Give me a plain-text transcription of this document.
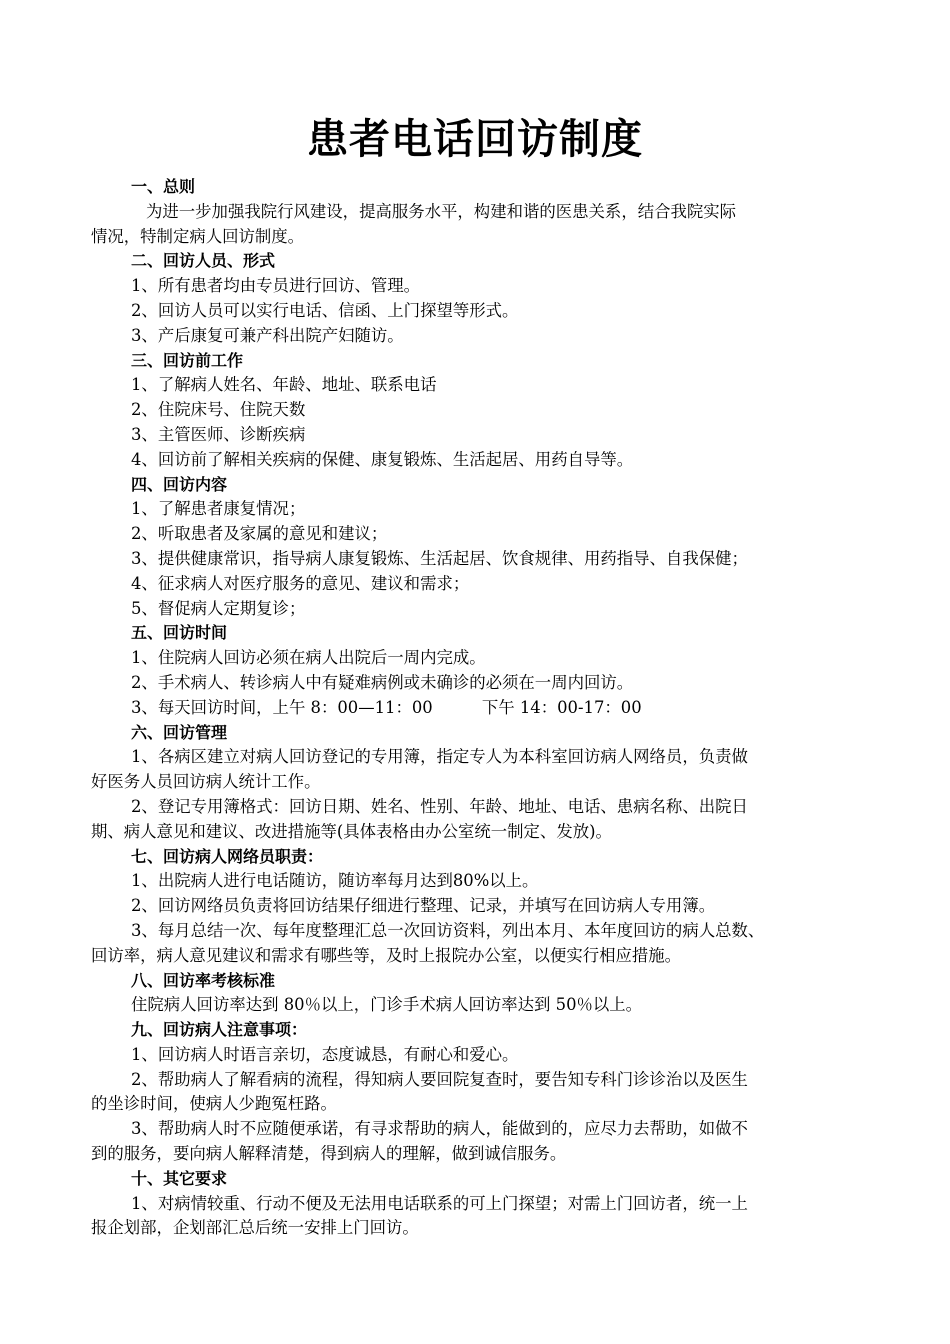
患者电话回访制度
一、总则
为进一步加强我院行风建设，提高服务水平，构建和谐的医患关系，结合我院实际
情况，特制定病人回访制度。
二、回访人员、形式
1、所有患者均由专员进行回访、管理。
2、回访人员可以实行电话、信函、上门探望等形式。
3、产后康复可兼产科出院产妇随访。
三、回访前工作
1、了解病人姓名、年龄、地址、联系电话
2、住院床号、住院天数
3、主管医师、诊断疾病
4、回访前了解相关疾病的保健、康复锻炼、生活起居、用药自导等。
四、回访内容
1、了解患者康复情况；
2、听取患者及家属的意见和建议；
3、提供健康常识，指导病人康复锻炼、生活起居、饮食规律、用药指导、自我保健；
4、征求病人对医疗服务的意见、建议和需求；
5、督促病人定期复诊；
五、回访时间
1、住院病人回访必须在病人出院后一周内完成。
2、手术病人、转诊病人中有疑难病例或未确诊的必须在一周内回访。
3、每天回访时间，上午 8：00—11：00　　　下午 14：00-17：00
六、回访管理
1、各病区建立对病人回访登记的专用簿，指定专人为本科室回访病人网络员，负责做
好医务人员回访病人统计工作。
2、登记专用簿格式：回访日期、姓名、性别、年龄、地址、电话、患病名称、出院日
期、病人意见和建议、改进措施等(具体表格由办公室统一制定、发放)。
七、回访病人网络员职责：
1、出院病人进行电话随访，随访率每月达到80%以上。
2、回访网络员负责将回访结果仔细进行整理、记录，并填写在回访病人专用簿。
3、每月总结一次、每年度整理汇总一次回访资料，列出本月、本年度回访的病人总数、
回访率，病人意见建议和需求有哪些等，及时上报院办公室，以便实行相应措施。
八、回访率考核标准
住院病人回访率达到 80％以上，门诊手术病人回访率达到 50％以上。
九、回访病人注意事项：
1、回访病人时语言亲切，态度诚恳，有耐心和爱心。
2、帮助病人了解看病的流程，得知病人要回院复查时，要告知专科门诊诊治以及医生
的坐诊时间，使病人少跑冤枉路。
3、帮助病人时不应随便承诺，有寻求帮助的病人，能做到的，应尽力去帮助，如做不
到的服务，要向病人解释清楚，得到病人的理解，做到诚信服务。
十、其它要求
1、对病情较重、行动不便及无法用电话联系的可上门探望；对需上门回访者，统一上
报企划部，企划部汇总后统一安排上门回访。
